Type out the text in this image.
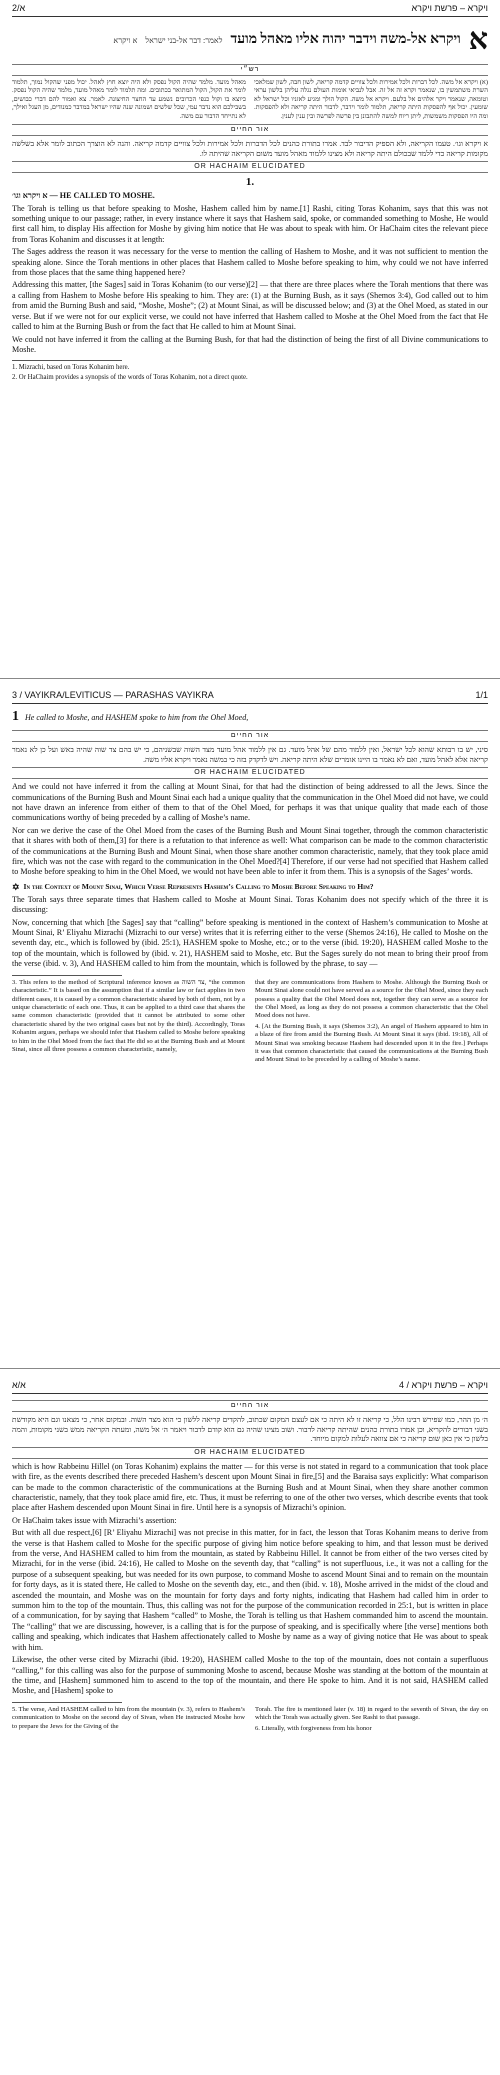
א/2	ויקרא – פרשת ויקרא
א
ויקרא אל-משה וידבר יהוה אליו מאהל מועד
לאמר: דבר אל-בני ישראל
א ויקרא
רש״י
(א) ויקרא אל משה. לכל דברות ולכל אמירות ולכל צוויים קדמה קריאה, לשון חבה, לשון שמלאכי השרת משתמשין בו, שנאמר וקרא זה אל זה. אבל לנביאי אומות העולם נגלה עליהן בלשון עראי וטומאה, שנאמר ויקר אלהים אל בלעם. ויקרא אל משה. הקול הולך ומגיע לאזניו וכל ישראל לא שומעין. יכול אף להפסקות היתה קריאה, תלמוד לומר וידבר, לדבור היתה קריאה ולא להפסקות. ומה היו הפסקות משמשות, ליתן ריוח למשה להתבונן בין פרשה לפרשה ובין ענין לענין.
מאהל מועד. מלמד שהיה הקול נפסק ולא היה יוצא חוץ לאהל. יכול מפני שהקול נמוך, תלמוד לומר את הקול, הקול המתואר בכתובים. ומה תלמוד לומר מאהל מועד, מלמד שהיה הקול נפסק. כיוצא בו וקול כנפי הכרובים נשמע עד החצר החיצונה. לאמר. צא ואמור להם דברי כבושים, בשבילכם הוא נדבר עמי, שכל שלשים ושמונה שנה שהיו ישראל במדבר כמנודים, מן העגל ואילך, לא נתייחד הדבור עם משה.
אור החיים
א ויקרא וגו׳. טעמו הקריאה, ולא הספיק הדיבור לבד. אמרו בתורת כהנים לכל הדברות ולכל אמירות ולכל צוויים קדמה קריאה. והנה לא הוצרך הכתוב לומר אלא בשלשה מקומות קריאה כדי ללמד שבכולם היתה קריאה ולא מצינו ללמוד מאהל מועד משום הקריאה שהיתה לו.
OR HACHAIM ELUCIDATED
1.
א ויקרא וגו׳ — HE CALLED TO MOSHE.

The Torah is telling us that before speaking to Moshe, Hashem called him by name.[1] Rashi, citing Toras Kohanim, says that this was not something unique to our passage; rather, in every instance where it says that Hashem said, spoke, or commanded something to Moshe, He would first call him, to display His affection for Moshe by giving him notice that He was about to speak with him. Or HaChaim cites the relevant piece from Toras Kohanim and discusses it at length:

The Sages address the reason it was necessary for the verse to mention the calling of Hashem to Moshe, and it was not sufficient to mention the speaking alone. Since the Torah mentions in other places that Hashem called to Moshe before speaking to him, why could we not have inferred from those places that the same thing happened here?

Addressing this matter, [the Sages] said in Toras Kohanim (to our verse)[2] — that there are three places where the Torah mentions that there was a calling from Hashem to Moshe before His speaking to him. They are: (1) at the Burning Bush, as it says (Shemos 3:4), God called out to him from amid the Burning Bush and said, “Moshe, Moshe”; (2) at Mount Sinai, as will be discussed below; and (3) at the Ohel Moed, as stated in our verse. But if we were not for our explicit verse, we could not have inferred that Hashem called to Moshe at the Ohel Moed from the fact that He called to him at the Burning Bush or from the fact that He called to him at Mount Sinai.

We could not have inferred it from the calling at the Burning Bush, for that had the distinction of being the first of all Divine communications to Moshe.

1. Mizrachi, based on Toras Kohanim here.
2. Or HaChaim provides a synopsis of the words of Toras Kohanim, not a direct quote.
3 / VAYIKRA/LEVITICUS — PARASHAS VAYIKRA	1/1
1 He called to Moshe, and HASHEM spoke to him from the Ohel Moed,
אור החיים
סיני, יש בו רבותא שהוא לכל ישראל, ואין ללמוד מהם של אהל מועד. גם אין ללמוד אהל מועד מצד השוה שבשניהם, כי יש בהם צד שוה שהיה באש ועל כן לא נאמר קריאה אלא לאהל מועד, ואם לא נאמר בו היינו אומרים שלא היתה קריאה. ויש לדקדק בזה כי במשה נאמר ויקרא אליו משה.
OR HACHAIM ELUCIDATED

And we could not have inferred it from the calling at Mount Sinai, for that had the distinction of being addressed to all the Jews. Since the communications of the Burning Bush and Mount Sinai each had a unique quality that the communication in the Ohel Moed did not have, we could not have drawn an inference from either of them to that of the Ohel Moed, for perhaps it was that unique quality that made each of those communications worthy of being preceded by a calling of Moshe’s name.

Nor can we derive the case of the Ohel Moed from the cases of the Burning Bush and Mount Sinai together, through the common characteristic that it shares with both of them,[3] for there is a refutation to that inference as well: What comparison can be made to the common characteristic of the communications at the Burning Bush and Mount Sinai, when those share another common characteristic, namely, that they took place amid fire, which was not the case with regard to the communication in the Ohel Moed?[4] Therefore, if our verse had not specified that Hashem called to Moshe before speaking to him in the Ohel Moed, we would not have been able to infer it from them. This is a synopsis of the Sages’ words.

✡ In the Context of Mount Sinai, Which Verse Represents Hashem’s Calling to Moshe Before Speaking to Him?

The Torah says three separate times that Hashem called to Moshe at Mount Sinai. Toras Kohanim does not specify which of the three it is discussing:

Now, concerning that which [the Sages] say that “calling” before speaking is mentioned in the context of Hashem’s communication to Moshe at Mount Sinai, R’ Eliyahu Mizrachi (Mizrachi to our verse) writes that it is referring either to the verse (Shemos 24:16), He called to Moshe on the seventh day, etc., which is followed by (ibid. 25:1), HASHEM spoke to Moshe, etc.; or to the verse (ibid. 19:20), HASHEM called Moshe to the top of the mountain, which is followed by (ibid. v. 21), HASHEM said to Moshe, etc. But the Sages surely do not mean to bring their proof from the verse (ibid. v. 3), And HASHEM called to him from the mountain, which is followed by the phrase, to say —

3. This refers to the method of Scriptural inference known as צד השוה, “the common characteristic.” It is based on the assumption that if a similar law or fact applies in two different cases, it is caused by a common characteristic shared by both of them, not by a unique characteristic of each one. Thus, it can be applied to a third case that shares the same common characteristic (provided that it cannot be attributed to some other characteristic shared by the two original cases but not by the third). Accordingly, Toras Kohanim argues, perhaps we should infer that Hashem called to Moshe before speaking to him in the Ohel Moed from the fact that He did so at the Burning Bush and at Mount Sinai, since all three possess a common characteristic, namely,
that they are communications from Hashem to Moshe. Although the Burning Bush or Mount Sinai alone could not have served as a source for the Ohel Moed, since they each possess a quality that the Ohel Moed does not, together they can serve as a source for the Ohel Moed, as long as they do not possess a common characteristic that the Ohel Moed does not have.
4. [At the Burning Bush, it says (Shemos 3:2), An angel of Hashem appeared to him in a blaze of fire from amid the Burning Bush. At Mount Sinai it says (ibid. 19:18), All of Mount Sinai was smoking because Hashem had descended upon it in the fire.] Perhaps it was that common characteristic that caused the communications at the Burning Bush and Mount Sinai to be preceded by a calling of Moshe’s name.
א/א	ויקרא – פרשת ויקרא / 4
אור החיים
ה׳ מן ההר, כמו שפירש רבינו הלל, כי קריאה זו לא היתה כי אם לעצם המקום שכתוב, להקדים קריאה ללשון כי הוא מצד השוה. ובמקום אחר, כי מצאנו וגם היא מקודשת בשני דבורים להקריא, וכן אמרו בתורת כהנים שהיתה קריאה לדבור. ושוב מצינו שהיה גם הוא קודם לדבור ויאמר ה׳ אל משה, ומעתה הקריאה ממש בשני מקומות, והמה בלשון כי אין כאן שום קריאה כי אם צוואה לעלות למקום מיוחד.
OR HACHAIM ELUCIDATED

which is how Rabbeinu Hillel (on Toras Kohanim) explains the matter — for this verse is not stated in regard to a communication that took place with fire, as the events described there preceded Hashem’s descent upon Mount Sinai in fire,[5] and the Baraisa says explicitly: What comparison can be made to the common characteristic of the communications at the Burning Bush and at Mount Sinai, when they share another common characteristic, namely, that they took place amid fire, etc. Thus, it must be referring to one of the other two verses, which describe events that took place after Hashem descended upon Mount Sinai in fire. Until here is a synopsis of Mizrachi’s opinion.

Or HaChaim takes issue with Mizrachi’s assertion:

But with all due respect,[6] [R’ Eliyahu Mizrachi] was not precise in this matter, for in fact, the lesson that Toras Kohanim means to derive from the verse is that Hashem called to Moshe for the specific purpose of giving him notice before speaking to him, and that lesson must be derived from the verse, And HASHEM called to him from the mountain, as stated by Rabbeinu Hillel. It cannot be from either of the two verses cited by Mizrachi, for in the verse (ibid. 24:16), He called to Moshe on the seventh day, that “calling” is not superfluous, i.e., it was not a calling for the purpose of a subsequent speaking, but was needed for its own purpose, to command Moshe to ascend Mount Sinai and to remain on the mountain for forty days, as it is stated there, He called to Moshe on the seventh day, etc., and then (ibid. v. 18), Moshe arrived in the midst of the cloud and ascended the mountain, and Moshe was on the mountain for forty days and forty nights, indicating that Hashem had called him in order to summon him to the top of the mountain. Thus, this calling was not for the purpose of the communication recorded in 25:1, but is written in place of a communication, for by saying that Hashem “called” to Moshe, the Torah is telling us that Hashem commanded him to ascend the mountain. The “calling” that we are discussing, however, is a calling that is for the purpose of speaking, and is specifically where [the verse] mentions both calling and speaking, which indicates that Hashem affectionately called to Moshe by name as a way of giving notice that He was about to speak with him.

Likewise, the other verse cited by Mizrachi (ibid. 19:20), HASHEM called Moshe to the top of the mountain, does not contain a superfluous “calling,” for this calling was also for the purpose of summoning Moshe to ascend, because Moshe was standing at the bottom of the mountain at the time, and [Hashem] summoned him to ascend to the top of the mountain, and there He spoke to him. And it is not said, HASHEM called Moshe, and [Hashem] spoke to

5. The verse, And HASHEM called to him from the mountain (v. 3), refers to Hashem’s communication to Moshe on the second day of Sivan, when He instructed Moshe how to prepare the Jews for the Giving of the
Torah. The fire is mentioned later (v. 18) in regard to the seventh of Sivan, the day on which the Torah was actually given. See Rashi to that passage.
6. Literally, with forgiveness from his honor
